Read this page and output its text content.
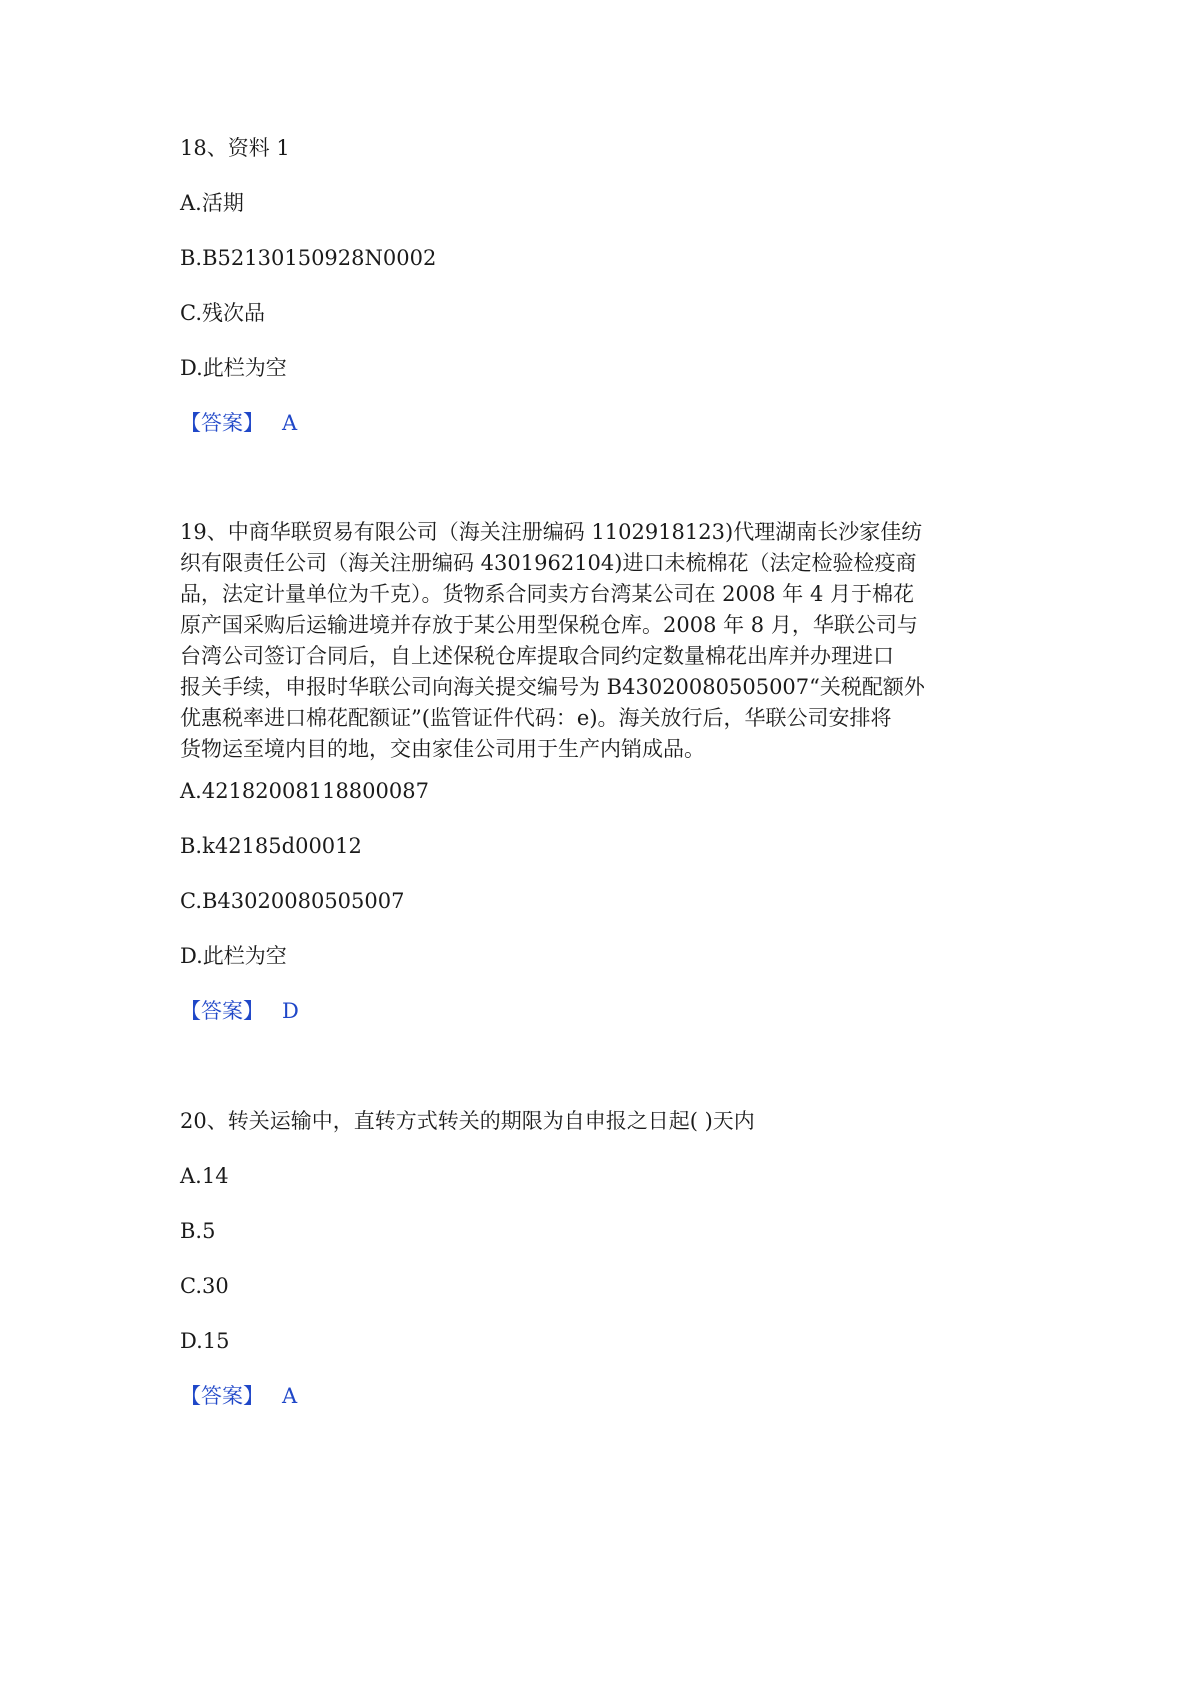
18、资料 1
A.活期
B.B52130150928N0002
C.残次品
D.此栏为空
【答案】 A
19、中商华联贸易有限公司（海关注册编码 1102918123)代理湖南长沙家佳纺
织有限责任公司（海关注册编码 4301962104)进口未梳棉花（法定检验检疫商
品，法定计量单位为千克）。货物系合同卖方台湾某公司在 2008 年 4 月于棉花
原产国采购后运输进境并存放于某公用型保税仓库。2008 年 8 月，华联公司与
台湾公司签订合同后，自上述保税仓库提取合同约定数量棉花出库并办理进口
报关手续，申报时华联公司向海关提交编号为 B43020080505007“关税配额外
优惠税率进口棉花配额证”(监管证件代码：e)。海关放行后，华联公司安排将
货物运至境内目的地，交由家佳公司用于生产内销成品。
A.42182008118800087
B.k42185d00012
C.B43020080505007
D.此栏为空
【答案】 D
20、转关运输中，直转方式转关的期限为自申报之日起( )天内
A.14
B.5
C.30
D.15
【答案】 A
